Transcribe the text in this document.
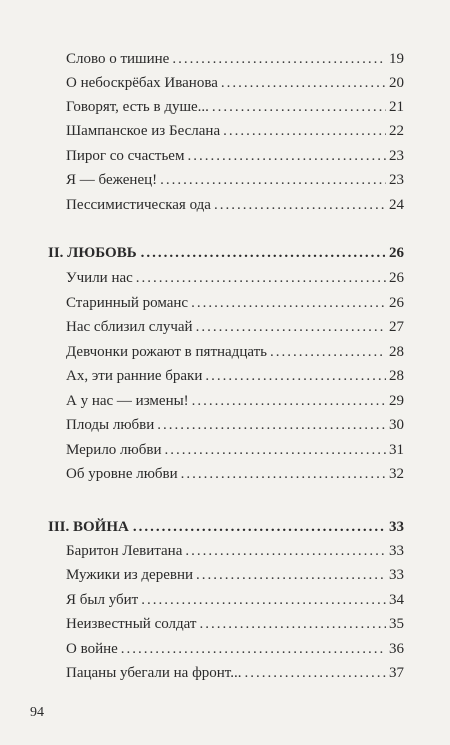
Слово о тишине .....	19
О небоскрёбах Иванова .....	20
Говорят, есть в душе... .....	21
Шампанское из Беслана .....	22
Пирог со счастьем .....	23
Я — беженец! .....	23
Пессимистическая ода .....	24
II. ЛЮБОВЬ .....	26
Учили нас .....	26
Старинный романс .....	26
Нас сблизил случай .....	27
Девчонки рожают в пятнадцать .....	28
Ах, эти ранние браки .....	28
А у нас — измены! .....	29
Плоды любви .....	30
Мерило любви .....	31
Об уровне любви .....	32
III. ВОЙНА .....	33
Баритон Левитана .....	33
Мужики из деревни .....	33
Я был убит .....	34
Неизвестный солдат .....	35
О войне .....	36
Пацаны убегали на фронт... .....	37
94
